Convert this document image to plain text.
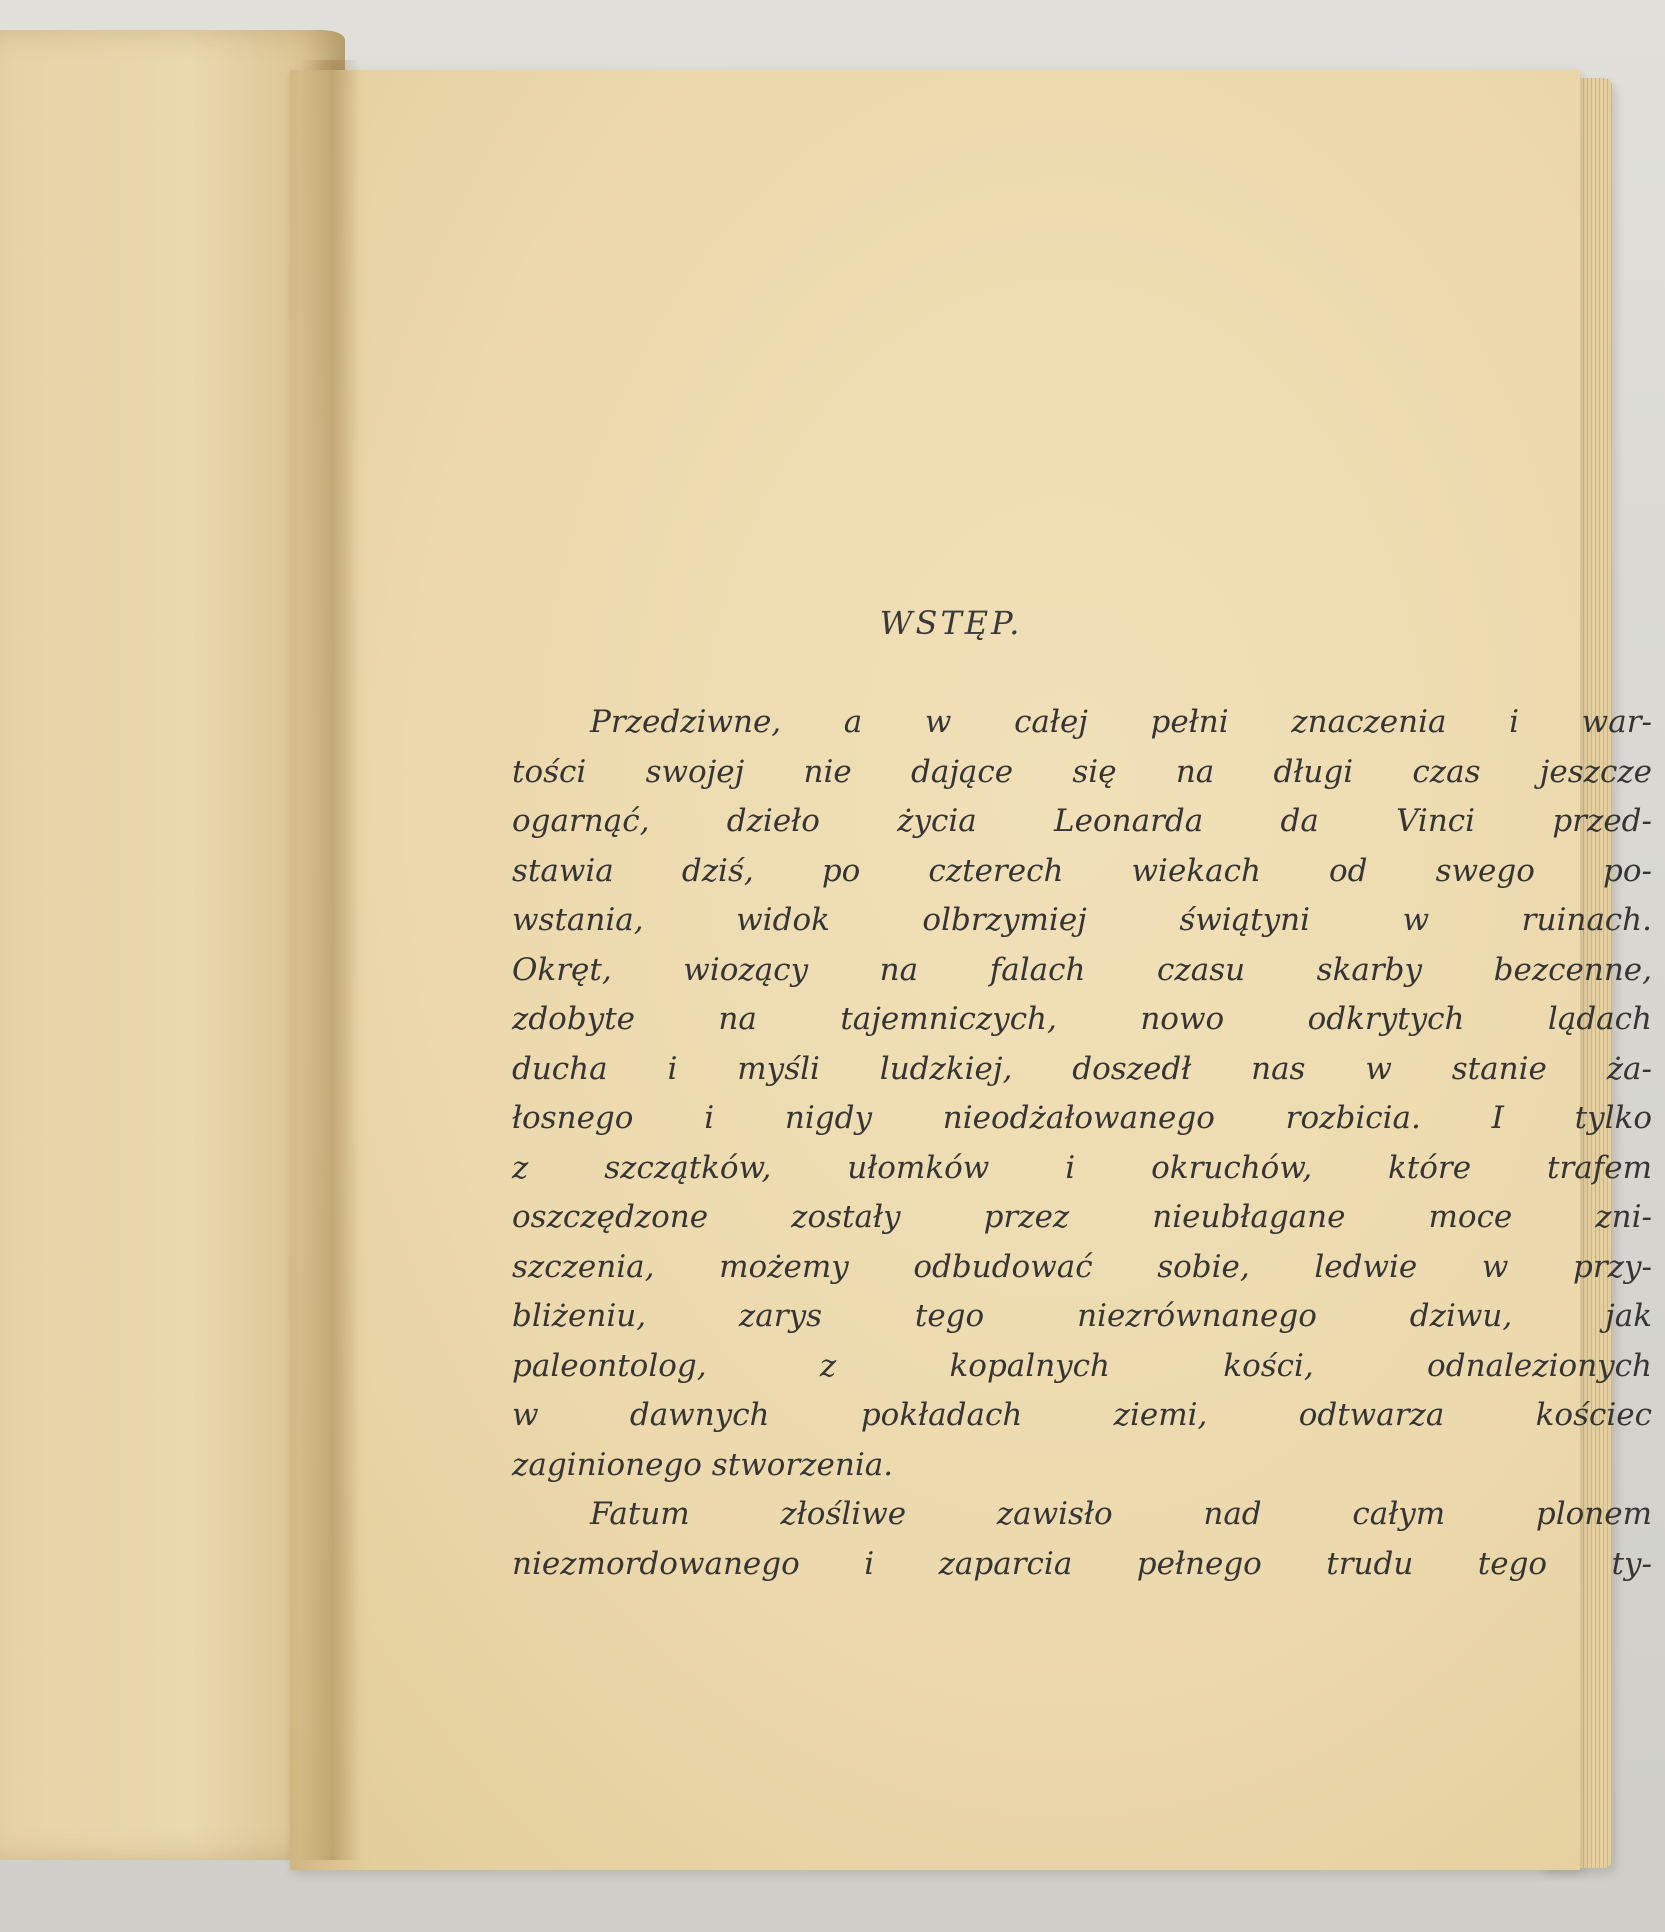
WSTĘP.
Przedziwne, a w całej pełni znaczenia i war-
tości swojej nie dające się na długi czas jeszcze
ogarnąć, dzieło życia Leonarda da Vinci przed-
stawia dziś, po czterech wiekach od swego po-
wstania, widok olbrzymiej świątyni w ruinach.
Okręt, wiozący na falach czasu skarby bezcenne,
zdobyte na tajemniczych, nowo odkrytych lądach
ducha i myśli ludzkiej, doszedł nas w stanie ża-
łosnego i nigdy nieodżałowanego rozbicia. I tylko
z szczątków, ułomków i okruchów, które trafem
oszczędzone zostały przez nieubłagane moce zni-
szczenia, możemy odbudować sobie, ledwie w przy-
bliżeniu, zarys tego niezrównanego dziwu, jak
paleontolog, z kopalnych kości, odnalezionych
w dawnych pokładach ziemi, odtwarza kościec
zaginionego stworzenia.
Fatum złośliwe zawisło nad całym plonem
niezmordowanego i zaparcia pełnego trudu tego ty-
